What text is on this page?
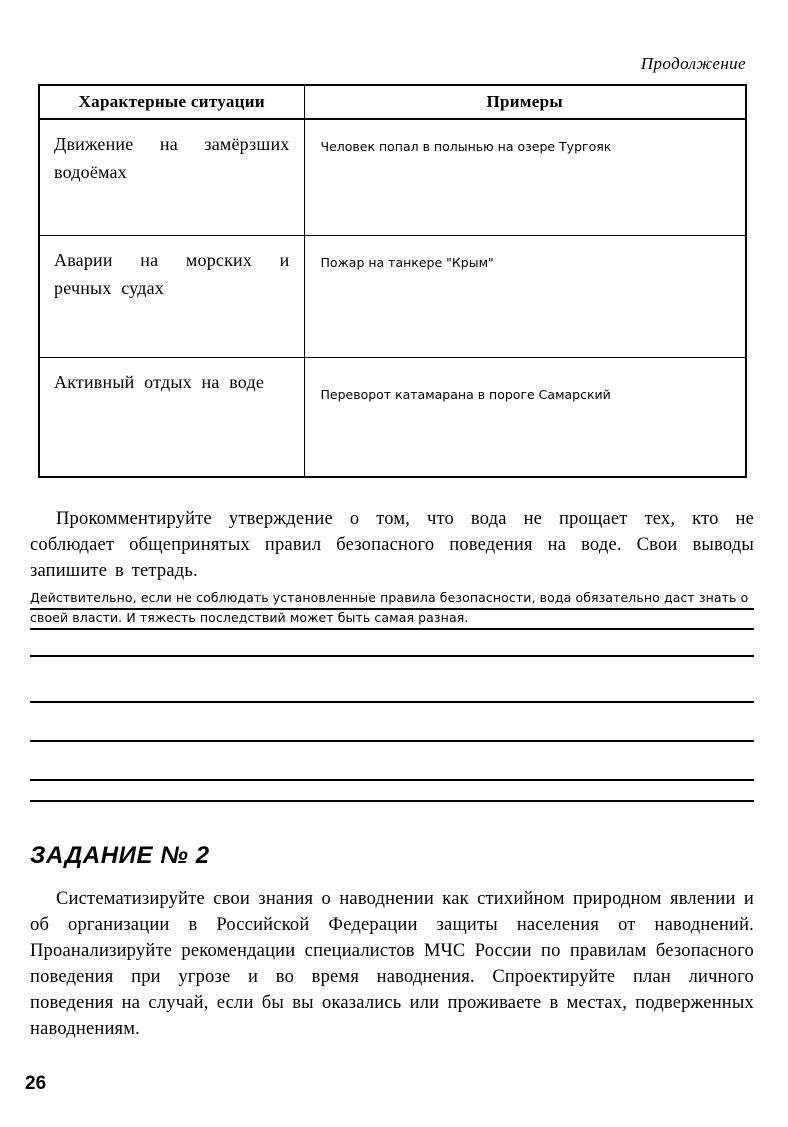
Продолжение
Характерные ситуации	Примеры
Движение на замёрзших водоёмах	Человек попал в полынью на озере Тургояк
Аварии на морских и речных судах	Пожар на танкере "Крым"
Активный отдых на воде	Переворот катамарана в пороге Самарский

Прокомментируйте утверждение о том, что вода не прощает тех, кто не соблюдает общепринятых правил безопасного поведения на воде. Свои выводы запишите в тетрадь.

Действительно, если не соблюдать установленные правила безопасности, вода обязательно даст знать о
своей власти. И тяжесть последствий может быть самая разная.
ЗАДАНИЕ № 2

Систематизируйте свои знания о наводнении как стихийном природном явлении и об организации в Российской Федерации защиты населения от наводнений. Проанализируйте рекомендации специалистов МЧС России по правилам безопасного поведения при угрозе и во время наводнения. Спроектируйте план личного поведения на случай, если бы вы оказались или проживаете в местах, подверженных наводнениям.

26
